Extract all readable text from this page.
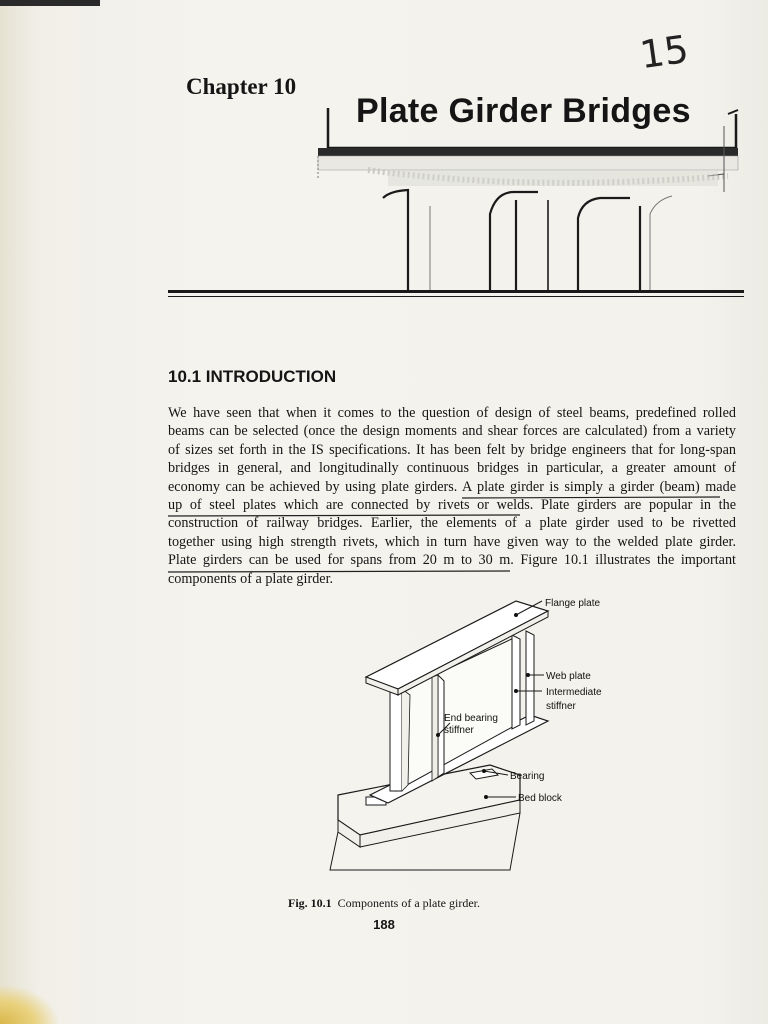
15
Chapter 10
Plate Girder Bridges
10.1 INTRODUCTION
We have seen that when it comes to the question of design of steel beams, predefined rolled
beams can be selected (once the design moments and shear forces are calculated) from a variety
of sizes set forth in the IS specifications. It has been felt by bridge engineers that for long-span
bridges in general, and longitudinally continuous bridges in particular, a greater amount of
economy can be achieved by using plate girders. A plate girder is simply a girder (beam) made
up of steel plates which are connected by rivets or welds. Plate girders are popular in the
construction of railway bridges. Earlier, the elements of a plate girder used to be rivetted
together using high strength rivets, which in turn have given way to the welded plate girder.
Plate girders can be used for spans from 20 m to 30 m. Figure 10.1 illustrates the important
components of a plate girder.
Flange plate
Web plate
Intermediate
stiffner
End bearing
stiffner
Bearing
Bed block
Fig. 10.1 Components of a plate girder.
188
